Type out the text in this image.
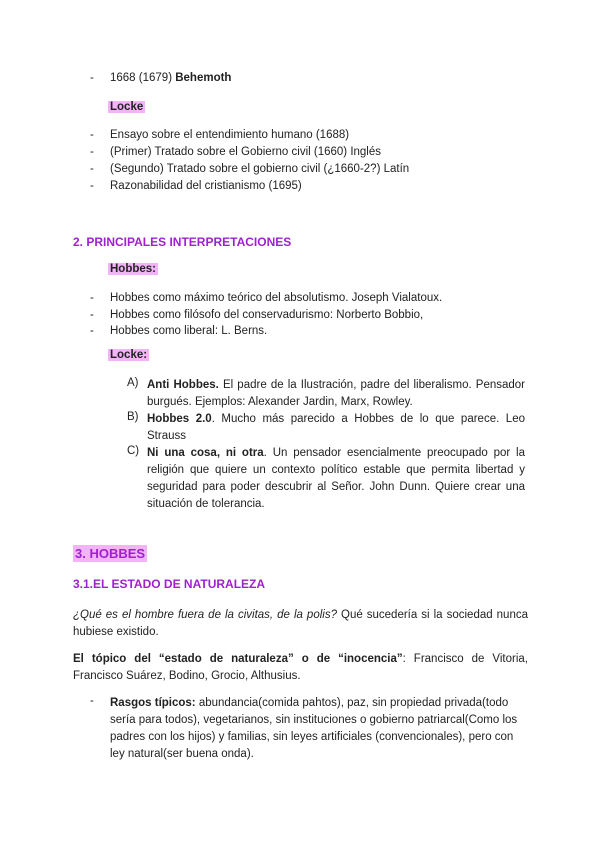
- 1668 (1679) Behemoth
Locke
- Ensayo sobre el entendimiento humano (1688)
- (Primer) Tratado sobre el Gobierno civil (1660) Inglés
- (Segundo) Tratado sobre el gobierno civil (¿1660-2?) Latín
- Razonabilidad del cristianismo (1695)
2. PRINCIPALES INTERPRETACIONES
Hobbes:
- Hobbes como máximo teórico del absolutismo. Joseph Vialatoux.
- Hobbes como filósofo del conservadurismo: Norberto Bobbio,
- Hobbes como liberal: L. Berns.
Locke:
A) Anti Hobbes. El padre de la Ilustración, padre del liberalismo. Pensador burgués. Ejemplos: Alexander Jardin, Marx, Rowley.
B) Hobbes 2.0. Mucho más parecido a Hobbes de lo que parece. Leo Strauss
C) Ni una cosa, ni otra. Un pensador esencialmente preocupado por la religión que quiere un contexto político estable que permita libertad y seguridad para poder descubrir al Señor. John Dunn. Quiere crear una situación de tolerancia.
3. HOBBES
3.1.EL ESTADO DE NATURALEZA
¿Qué es el hombre fuera de la civitas, de la polis? Qué sucedería si la sociedad nunca hubiese existido.
El tópico del “estado de naturaleza” o de “inocencia”: Francisco de Vitoria, Francisco Suárez, Bodino, Grocio, Althusius.
- Rasgos típicos: abundancia(comida pahtos), paz, sin propiedad privada(todo sería para todos), vegetarianos, sin instituciones o gobierno patriarcal(Como los padres con los hijos) y familias, sin leyes artificiales (convencionales), pero con ley natural(ser buena onda).
